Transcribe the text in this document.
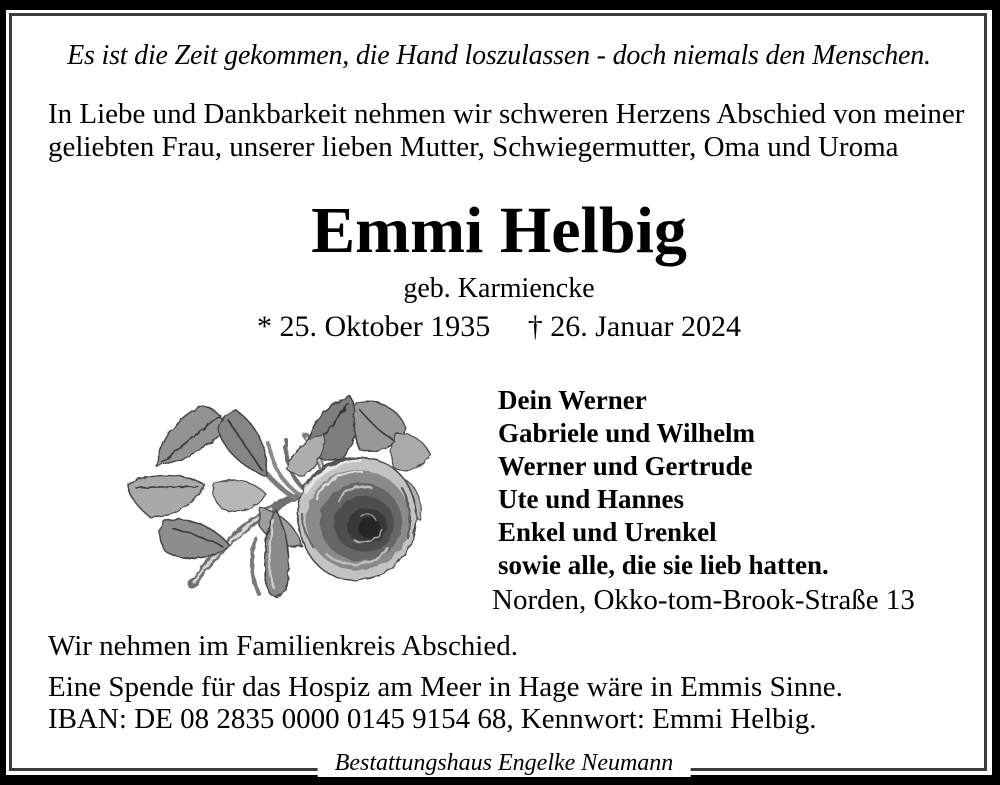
Es ist die Zeit gekommen, die Hand loszulassen - doch niemals den Menschen.
In Liebe und Dankbarkeit nehmen wir schweren Herzens Abschied von meiner
geliebten Frau, unserer lieben Mutter, Schwiegermutter, Oma und Uroma
Emmi Helbig
geb. Karmiencke
* 25. Oktober 1935 † 26. Januar 2024
Dein Werner
Gabriele und Wilhelm
Werner und Gertrude
Ute und Hannes
Enkel und Urenkel
sowie alle, die sie lieb hatten.
Norden, Okko-tom-Brook-Straße 13
Wir nehmen im Familienkreis Abschied.
Eine Spende für das Hospiz am Meer in Hage wäre in Emmis Sinne.
IBAN: DE 08 2835 0000 0145 9154 68, Kennwort: Emmi Helbig.
Bestattungshaus Engelke Neumann
